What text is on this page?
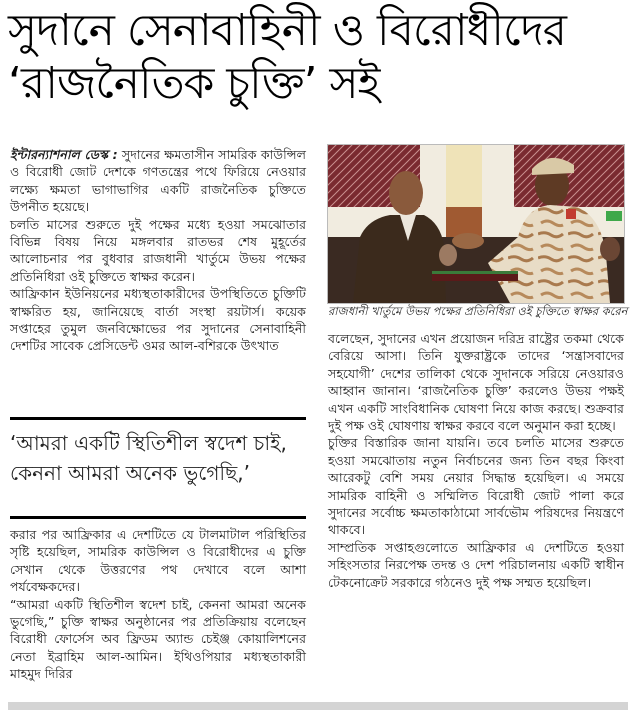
সুদানে সেনাবাহিনী ও বিরোধীদের ‘রাজনৈতিক চুক্তি’ সই

ইন্টারন্যাশনাল ডেস্ক : সুদানের ক্ষমতাসীন সামরিক কাউন্সিল ও বিরোধী জোট দেশকে গণতন্ত্রের পথে ফিরিয়ে নেওয়ার লক্ষ্যে ক্ষমতা ভাগাভাগির একটি রাজনৈতিক চুক্তিতে উপনীত হয়েছে।

চলতি মাসের শুরুতে দুই পক্ষের মধ্যে হওয়া সমঝোতার বিভিন্ন বিষয় নিয়ে মঙ্গলবার রাতভর শেষ মুহূর্তের আলোচনার পর বুধবার রাজধানী খার্তুমে উভয় পক্ষের প্রতিনিধিরা ওই চুক্তিতে স্বাক্ষর করেন।

আফ্রিকান ইউনিয়নের মধ্যস্থতাকারীদের উপস্থিতিতে চুক্তিটি স্বাক্ষরিত হয়, জানিয়েছে বার্তা সংস্থা রয়টার্স। কয়েক সপ্তাহের তুমুল জনবিক্ষোভের পর সুদানের সেনাবাহিনী দেশটির সাবেক প্রেসিডেন্ট ওমর আল-বশিরকে উৎখাত

‘আমরা একটি স্থিতিশীল স্বদেশ চাই, কেননা আমরা অনেক ভুগেছি,’

করার পর আফ্রিকার এ দেশটিতে যে টালমাটাল পরিস্থিতির সৃষ্টি হয়েছিল, সামরিক কাউন্সিল ও বিরোধীদের এ চুক্তি সেখান থেকে উত্তরণের পথ দেখাবে বলে আশা পর্যবেক্ষকদের।

“আমরা একটি স্থিতিশীল স্বদেশ চাই, কেননা আমরা অনেক ভুগেছি,” চুক্তি স্বাক্ষর অনুষ্ঠানের পর প্রতিক্রিয়ায় বলেছেন বিরোধী ফোর্সেস অব ফ্রিডম অ্যান্ড চেইঞ্জ কোয়ালিশনের নেতা ইব্রাহিম আল-আমিন। ইথিওপিয়ার মধ্যস্থতাকারী মাহমুদ দিরির

রাজধানী খার্তুমে উভয় পক্ষের প্রতিনিধিরা ওই চুক্তিতে স্বাক্ষর করেন

বলেছেন, সুদানের এখন প্রয়োজন দরিদ্র রাষ্ট্রের তকমা থেকে বেরিয়ে আসা। তিনি যুক্তরাষ্ট্রকে তাদের ‘সন্ত্রাসবাদের সহযোগী’ দেশের তালিকা থেকে সুদানকে সরিয়ে নেওয়ারও আহ্বান জানান। ‘রাজনৈতিক চুক্তি’ করলেও উভয় পক্ষই এখন একটি সাংবিধানিক ঘোষণা নিয়ে কাজ করছে। শুক্রবার দুই পক্ষ ওই ঘোষণায় স্বাক্ষর করবে বলে অনুমান করা হচ্ছে।

চুক্তির বিস্তারিক জানা যায়নি। তবে চলতি মাসের শুরুতে হওয়া সমঝোতায় নতুন নির্বাচনের জন্য তিন বছর কিংবা আরেকটু বেশি সময় নেয়ার সিদ্ধান্ত হয়েছিল। এ সময়ে সামরিক বাহিনী ও সম্মিলিত বিরোধী জোট পালা করে সুদানের সর্বোচ্চ ক্ষমতাকাঠামো সার্বভৌম পরিষদের নিয়ন্ত্রণে থাকবে।

সাম্প্রতিক সপ্তাহগুলোতে আফ্রিকার এ দেশটিতে হওয়া সহিংসতার নিরপেক্ষ তদন্ত ও দেশ পরিচালনায় একটি স্বাধীন টেকনোক্রেট সরকারে গঠনেও দুই পক্ষ সম্মত হয়েছিল।
